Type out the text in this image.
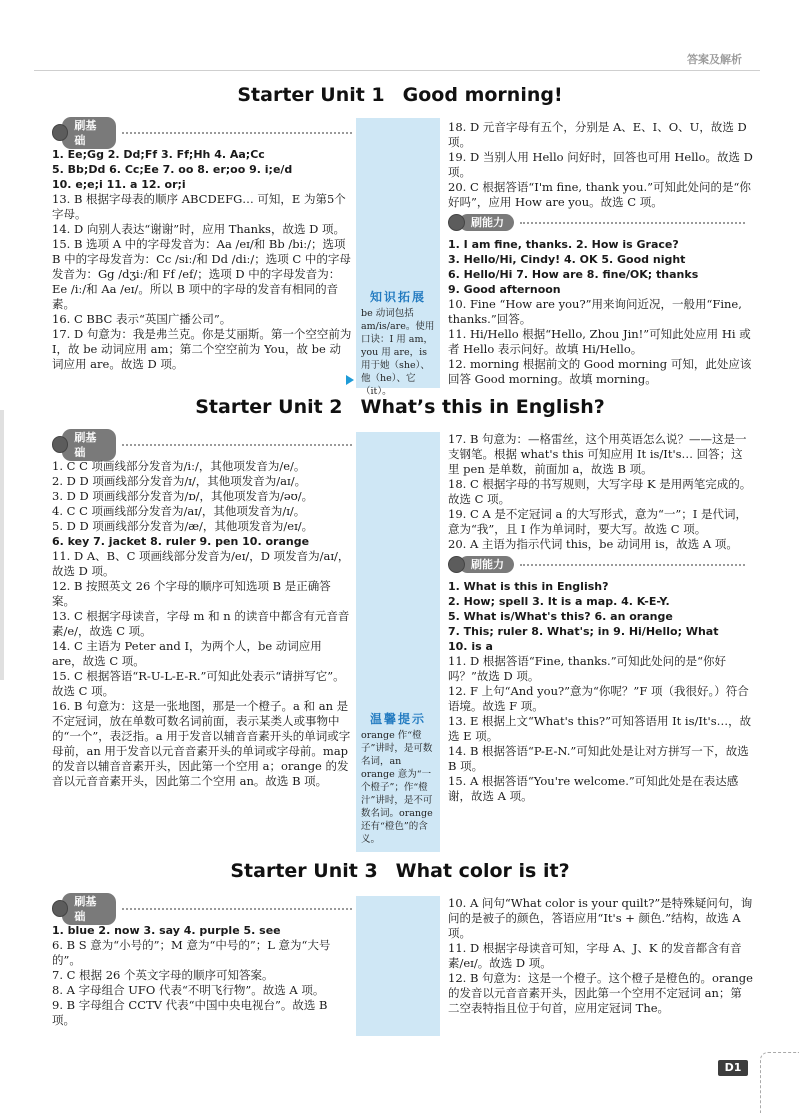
答案及解析
Starter Unit 1 Good morning!
刷基础
1. Ee;Gg 2. Dd;Ff 3. Ff;Hh 4. Aa;Cc
5. Bb;Dd 6. Cc;Ee 7. oo 8. er;oo 9. i;e/d
10. e;e;i 11. a 12. or;i
13. B 根据字母表的顺序 ABCDEFG… 可知，E 为第5个字母。
14. D 向别人表达“谢谢”时，应用 Thanks，故选 D 项。
15. B 选项 A 中的字母发音为：Aa /eɪ/和 Bb /biː/；选项 B 中的字母发音为：Cc /siː/和 Dd /diː/；选项 C 中的字母发音为：Gg /dʒiː/和 Ff /ef/；选项 D 中的字母发音为：Ee /iː/和 Aa /eɪ/。所以 B 项中的字母的发音有相同的音素。
16. C BBC 表示“英国广播公司”。
17. D 句意为：我是弗兰克。你是艾丽斯。第一个空空前为 I，故 be 动词应用 am；第二个空空前为 You，故 be 动词应用 are。故选 D 项。
知识拓展
be 动词包括 am/is/are。使用口诀：I 用 am，you 用 are，is 用于她（she）、他（he）、它（it）。
18. D 元音字母有五个，分别是 A、E、I、O、U，故选 D 项。
19. D 当别人用 Hello 问好时，回答也可用 Hello。故选 D 项。
20. C 根据答语“I'm fine, thank you.”可知此处问的是“你好吗”，应用 How are you。故选 C 项。
刷能力
1. I am fine, thanks. 2. How is Grace?
3. Hello/Hi, Cindy! 4. OK 5. Good night
6. Hello/Hi 7. How are 8. fine/OK; thanks
9. Good afternoon
10. Fine “How are you?”用来询问近况，一般用“Fine, thanks.”回答。
11. Hi/Hello 根据“Hello, Zhou Jin!”可知此处应用 Hi 或者 Hello 表示问好。故填 Hi/Hello。
12. morning 根据前文的 Good morning 可知，此处应该回答 Good morning。故填 morning。
Starter Unit 2 What’s this in English?
刷基础
1. C C 项画线部分发音为/iː/，其他项发音为/e/。
2. D D 项画线部分发音为/ɪ/，其他项发音为/aɪ/。
3. D D 项画线部分发音为/ɒ/，其他项发音为/əʊ/。
4. C C 项画线部分发音为/aɪ/，其他项发音为/ɪ/。
5. D D 项画线部分发音为/æ/，其他项发音为/eɪ/。
6. key 7. jacket 8. ruler 9. pen 10. orange
11. D A、B、C 项画线部分发音为/eɪ/，D 项发音为/aɪ/，故选 D 项。
12. B 按照英文 26 个字母的顺序可知选项 B 是正确答案。
13. C 根据字母读音，字母 m 和 n 的读音中都含有元音音素/e/，故选 C 项。
14. C 主语为 Peter and I，为两个人，be 动词应用 are，故选 C 项。
15. C 根据答语“R-U-L-E-R.”可知此处表示“请拼写它”。故选 C 项。
16. B 句意为：这是一张地图，那是一个橙子。a 和 an 是不定冠词，放在单数可数名词前面，表示某类人或事物中的“一个”，表泛指。a 用于发音以辅音音素开头的单词或字母前，an 用于发音以元音音素开头的单词或字母前。map 的发音以辅音音素开头，因此第一个空用 a；orange 的发音以元音音素开头，因此第二个空用 an。故选 B 项。
温馨提示
orange 作“橙子”讲时，是可数名词，an orange 意为“一个橙子”；作“橙汁”讲时，是不可数名词。orange 还有“橙色”的含义。
17. B 句意为：—格雷丝，这个用英语怎么说？——这是一支钢笔。根据 what's this 可知应用 It is/It's… 回答；这里 pen 是单数，前面加 a，故选 B 项。
18. C 根据字母的书写规则，大写字母 K 是用两笔完成的。故选 C 项。
19. C A 是不定冠词 a 的大写形式，意为“一”；I 是代词，意为“我”，且 I 作为单词时，要大写。故选 C 项。
20. A 主语为指示代词 this，be 动词用 is，故选 A 项。
刷能力
1. What is this in English?
2. How; spell 3. It is a map. 4. K-E-Y.
5. What is/What's this? 6. an orange
7. This; ruler 8. What's; in 9. Hi/Hello; What
10. is a
11. D 根据答语“Fine, thanks.”可知此处问的是“你好吗？”故选 D 项。
12. F 上句“And you?”意为“你呢？”F 项（我很好。）符合语境。故选 F 项。
13. E 根据上文“What's this?”可知答语用 It is/It's…，故选 E 项。
14. B 根据答语“P-E-N.”可知此处是让对方拼写一下，故选 B 项。
15. A 根据答语“You're welcome.”可知此处是在表达感谢，故选 A 项。
Starter Unit 3 What color is it?
刷基础
1. blue 2. now 3. say 4. purple 5. see
6. B S 意为“小号的”；M 意为“中号的”；L 意为“大号的”。
7. C 根据 26 个英文字母的顺序可知答案。
8. A 字母组合 UFO 代表“不明飞行物”。故选 A 项。
9. B 字母组合 CCTV 代表“中国中央电视台”。故选 B 项。
10. A 问句“What color is your quilt?”是特殊疑问句，询问的是被子的颜色，答语应用“It's + 颜色.”结构，故选 A 项。
11. D 根据字母读音可知，字母 A、J、K 的发音都含有音素/eɪ/。故选 D 项。
12. B 句意为：这是一个橙子。这个橙子是橙色的。orange 的发音以元音音素开头，因此第一个空用不定冠词 an；第二空表特指且位于句首，应用定冠词 The。
D1
